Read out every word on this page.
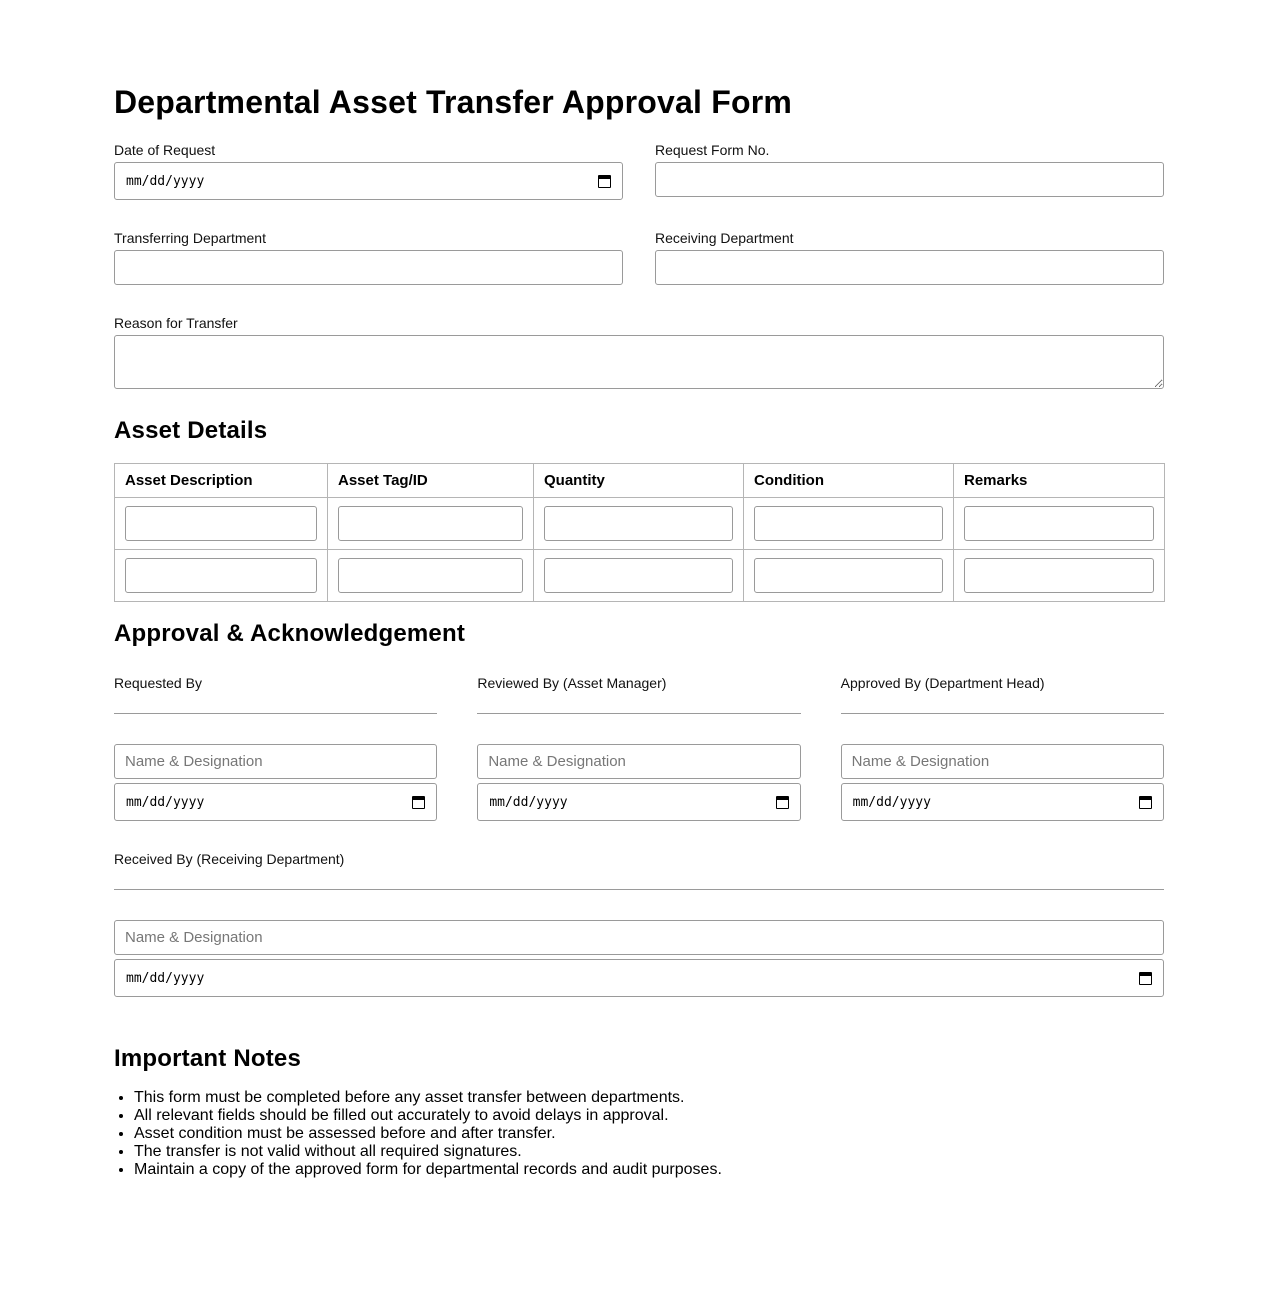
Departmental Asset Transfer Approval Form
Date of Request
mm/dd/yyyy
Request Form No.
Transferring Department	Receiving Department
Reason for Transfer
Asset Details
Asset Description	Asset Tag/ID	Quantity	Condition	Remarks

Approval & Acknowledgement
Requested By
Name & Designation
mm/dd/yyyy
Reviewed By (Asset Manager)
Name & Designation
mm/dd/yyyy
Approved By (Department Head)
Name & Designation
mm/dd/yyyy
Received By (Receiving Department)
Name & Designation
mm/dd/yyyy
Important Notes
• This form must be completed before any asset transfer between departments.
• All relevant fields should be filled out accurately to avoid delays in approval.
• Asset condition must be assessed before and after transfer.
• The transfer is not valid without all required signatures.
• Maintain a copy of the approved form for departmental records and audit purposes.
